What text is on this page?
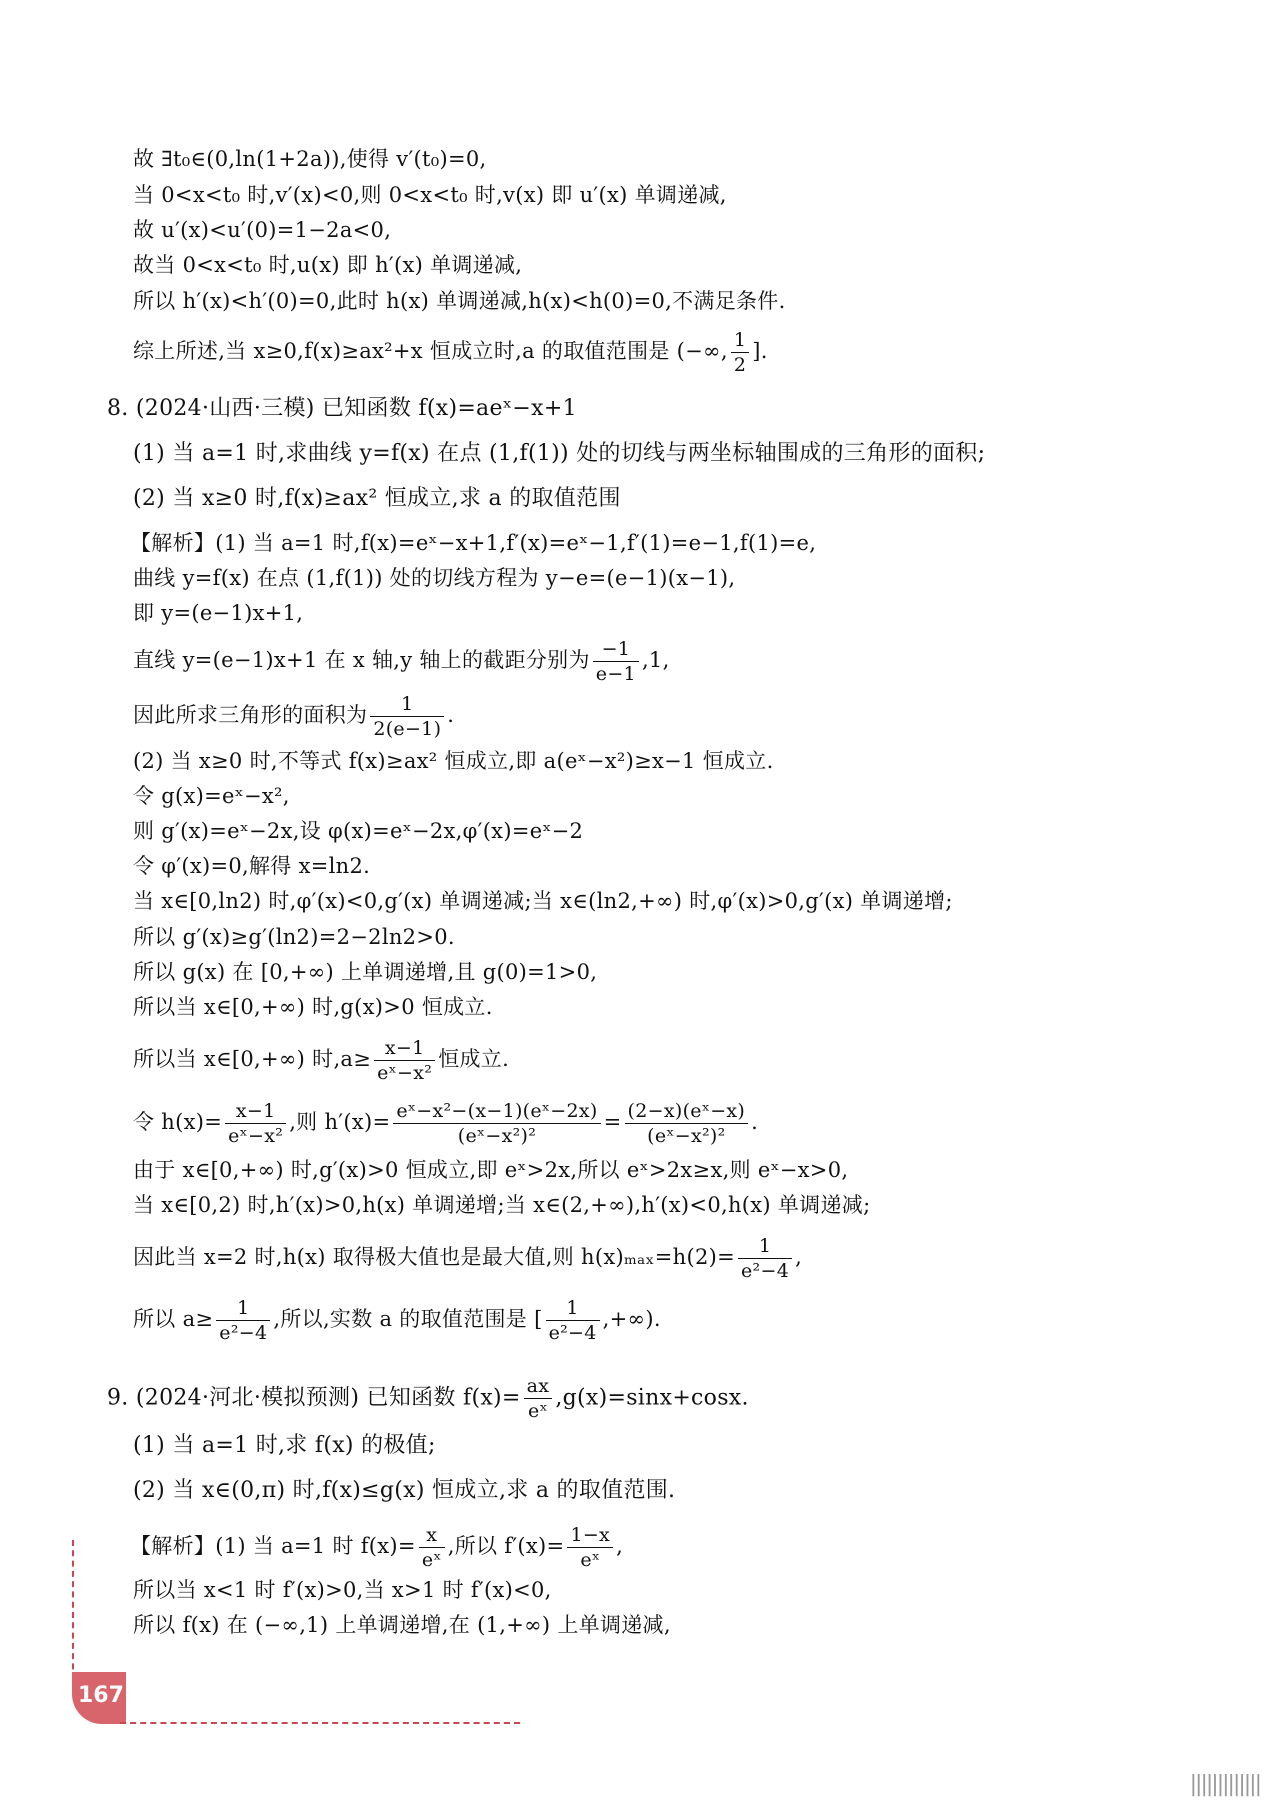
故 ∃t₀∈(0,ln(1+2a)),使得 v′(t₀)=0,
当 0<x<t₀ 时,v′(x)<0,则 0<x<t₀ 时,v(x) 即 u′(x) 单调递减,
故 u′(x)<u′(0)=1−2a<0,
故当 0<x<t₀ 时,u(x) 即 h′(x) 单调递减,
所以 h′(x)<h′(0)=0,此时 h(x) 单调递减,h(x)<h(0)=0,不满足条件.
综上所述,当 x≥0,f(x)≥ax²+x 恒成立时,a 的取值范围是 (−∞, $\frac{1}{2}$ ].
8. (2024·山西·三模) 已知函数 f(x)=aeˣ−x+1
(1) 当 a=1 时,求曲线 y=f(x) 在点 (1,f(1)) 处的切线与两坐标轴围成的三角形的面积;
(2) 当 x≥0 时,f(x)≥ax² 恒成立,求 a 的取值范围
【解析】(1) 当 a=1 时,f(x)=eˣ−x+1,f′(x)=eˣ−1,f′(1)=e−1,f(1)=e,
曲线 y=f(x) 在点 (1,f(1)) 处的切线方程为 y−e=(e−1)(x−1),
即 y=(e−1)x+1,
直线 y=(e−1)x+1 在 x 轴,y 轴上的截距分别为 $\frac{-1}{e-1} ,1$,
因此所求三角形的面积为 $\frac{1}{2(e-1)}$ .
(2) 当 x≥0 时,不等式 f(x)≥ax² 恒成立,即 a(eˣ−x²)≥x−1 恒成立.
令 g(x)=eˣ−x²,
则 g′(x)=eˣ−2x,设 φ(x)=eˣ−2x,φ′(x)=eˣ−2
令 φ′(x)=0,解得 x=ln2.
当 x∈[0,ln2) 时,φ′(x)<0,g′(x) 单调递减;当 x∈(ln2,+∞) 时,φ′(x)>0,g′(x) 单调递增;
所以 g′(x)≥g′(ln2)=2−2ln2>0.
所以 g(x) 在 [0,+∞) 上单调递增,且 g(0)=1>0,
所以当 x∈[0,+∞) 时,g(x)>0 恒成立.
所以当 x∈[0,+∞) 时$,a\ge \frac{x-1}{\text{eˣ−x²}}$ 恒成立.
令 $h(x)= \frac{x-1}{\text{eˣ−x²}}$ ,则 $h'(x)= \frac{\text{eˣ−x²−(x−1)(eˣ−2x)}}{\text{(eˣ−x²)²}} = \frac{\text{(2−x)(eˣ−x)}}{\text{(eˣ−x²)²}}$ .
由于 x∈[0,+∞) 时,g′(x)>0 恒成立,即 eˣ>2x,所以 eˣ>2x≥x,则 eˣ−x>0,
当 x∈[0,2) 时,h′(x)>0,h(x) 单调递增;当 x∈(2,+∞),h′(x)<0,h(x) 单调递减;
因此当 x=2 时,h(x) 取得极大值也是最大值,则 $h(x)_{max}=h(2)= \frac{1}{\text{e²−4}}$ ,
所以 $a\ge \frac{1}{\text{e²−4}}$ ,所以,实数 a 的取值范围是 [ $\frac{1}{\text{e²−4}}$ ,+∞).
9. (2024·河北·模拟预测) 已知函数 $f(x)= \frac{ax}{\text{eˣ}} ,g(x)=\sin x+\cos x$.
(1) 当 a=1 时,求 f(x) 的极值;
(2) 当 x∈(0,π) 时,f(x)≤g(x) 恒成立,求 a 的取值范围.
【解析】(1) 当 a=1 时 $f(x)= \frac{x}{\text{eˣ}}$ ,所以 $f'(x)= \frac{1-x}{\text{eˣ}}$ ,
所以当 x<1 时 f′(x)>0,当 x>1 时 f′(x)<0,
所以 f(x) 在 (−∞,1) 上单调递增,在 (1,+∞) 上单调递减,
167
|||||||||||||
